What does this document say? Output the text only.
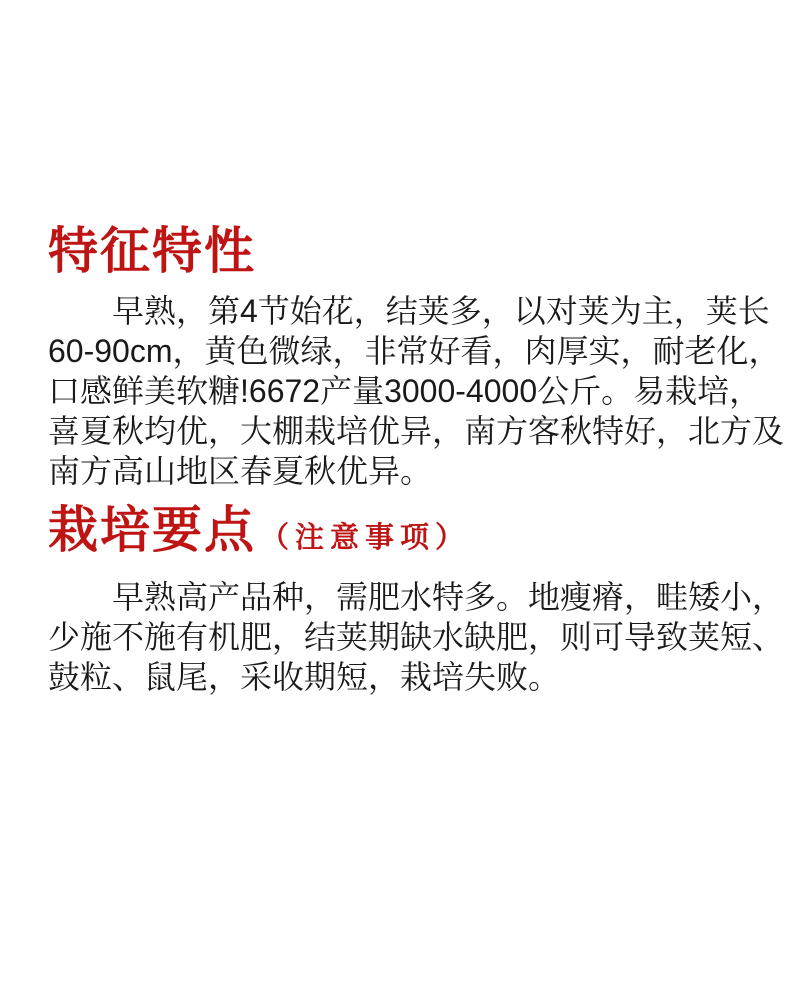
特征特性
早熟，第4节始花，结荚多，以对荚为主，荚长
60-90cm，黄色微绿，非常好看，肉厚实，耐老化，
口感鲜美软糖!6672产量3000-4000公斤。易栽培，
喜夏秋均优，大棚栽培优异，南方客秋特好，北方及
南方高山地区春夏秋优异。
栽培要点 （注意事项）
早熟高产品种，需肥水特多。地瘦瘠，畦矮小，
少施不施有机肥，结荚期缺水缺肥，则可导致荚短、
鼓粒、鼠尾，采收期短，栽培失败。
